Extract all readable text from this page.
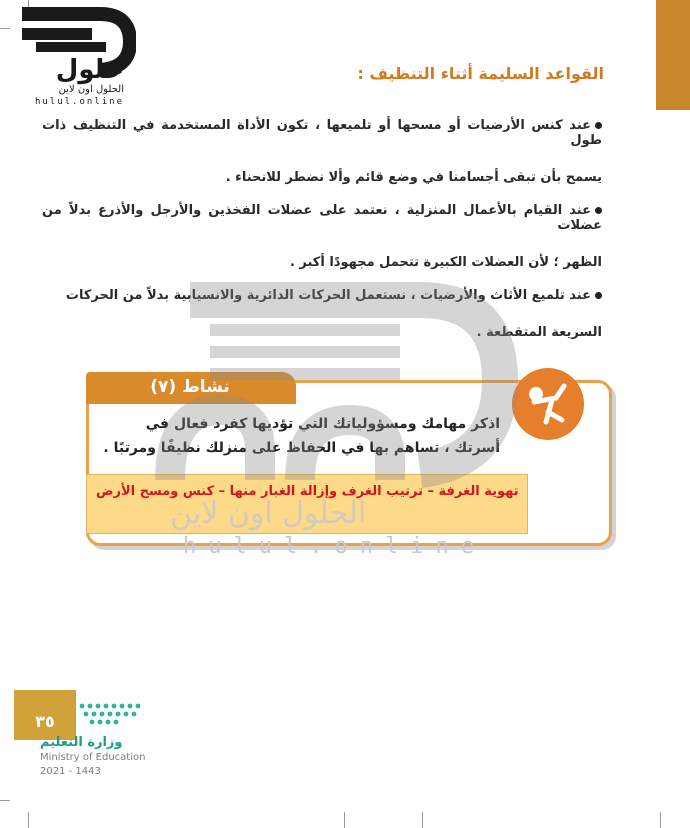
حلول
الحلول اون لاين
hulul.online
القواعد السليمة أثناء التنظيف :
عند كنس الأرضيات أو مسحها أو تلميعها ، تكون الأداة المستخدمة في التنظيف ذات طول
يسمح بأن تبقى أجسامنا في وضع قائم وألا نضطر للانحناء .
عند القيام بالأعمال المنزلية ، نعتمد على عضلات الفخذين والأرجل والأذرع بدلاً من عضلات
الظهر ؛ لأن العضلات الكبيرة تتحمل مجهودًا أكبر .
عند تلميع الأثاث والأرضيات ، نستعمل الحركات الدائرية والانسيابية بدلاً من الحركات
السريعة المتقطعة .
نشاط (٧)
اذكر مهامك ومسؤولياتك التي تؤديها كفرد فعال في أسرتك ، تساهم بها في الحفاظ على منزلك نظيفًا ومرتبًا .
تهوية الغرفة – ترتيب الغرف وإزالة الغبار منها – كنس ومسح الأرض
الحلول اون لاين
hulul.online
٣٥
وزارة التعليم
Ministry of Education
2021 - 1443
